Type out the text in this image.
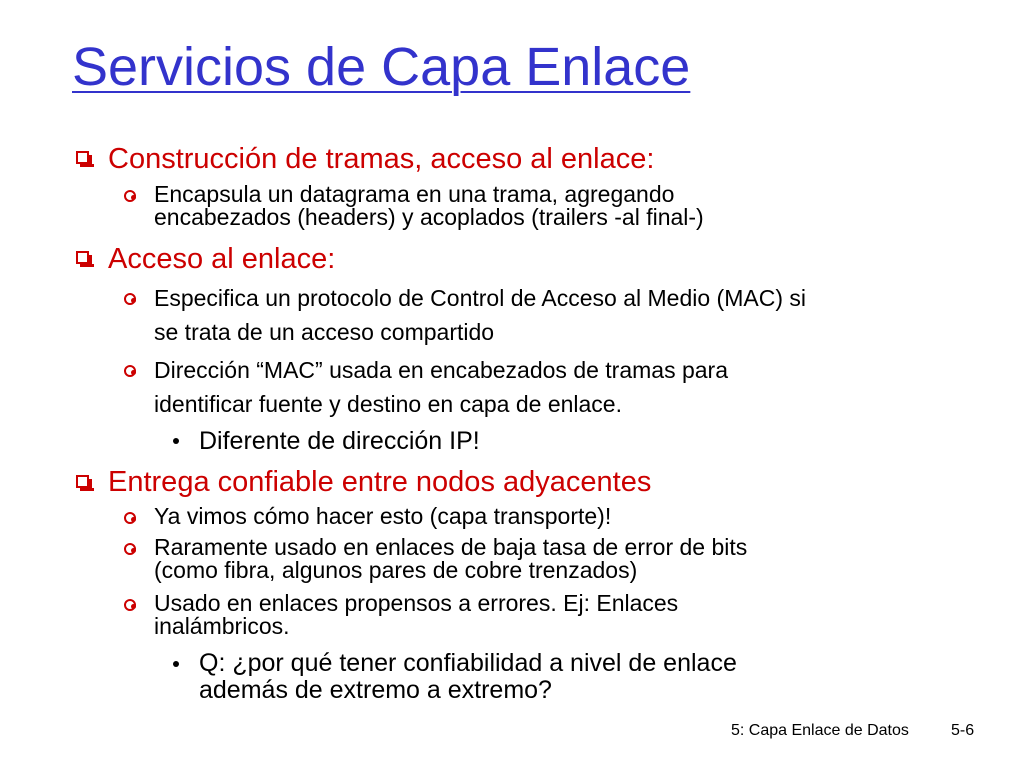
Servicios de Capa Enlace
Construcción de tramas, acceso al enlace:
Encapsula un datagrama en una trama, agregando
encabezados (headers) y acoplados (trailers -al final-)
Acceso al enlace:
Especifica un protocolo de Control de Acceso al Medio (MAC) si
se trata de un acceso compartido
Dirección “MAC” usada en encabezados de tramas para
identificar fuente y destino en capa de enlace.
Diferente de dirección IP!
Entrega confiable entre nodos adyacentes
Ya vimos cómo hacer esto (capa transporte)!
Raramente usado en enlaces de baja tasa de error de bits
(como fibra, algunos pares de cobre trenzados)
Usado en enlaces propensos a errores. Ej: Enlaces
inalámbricos.
Q: ¿por qué tener confiabilidad a nivel de enlace
además de extremo a extremo?
5: Capa Enlace de Datos	5-6
